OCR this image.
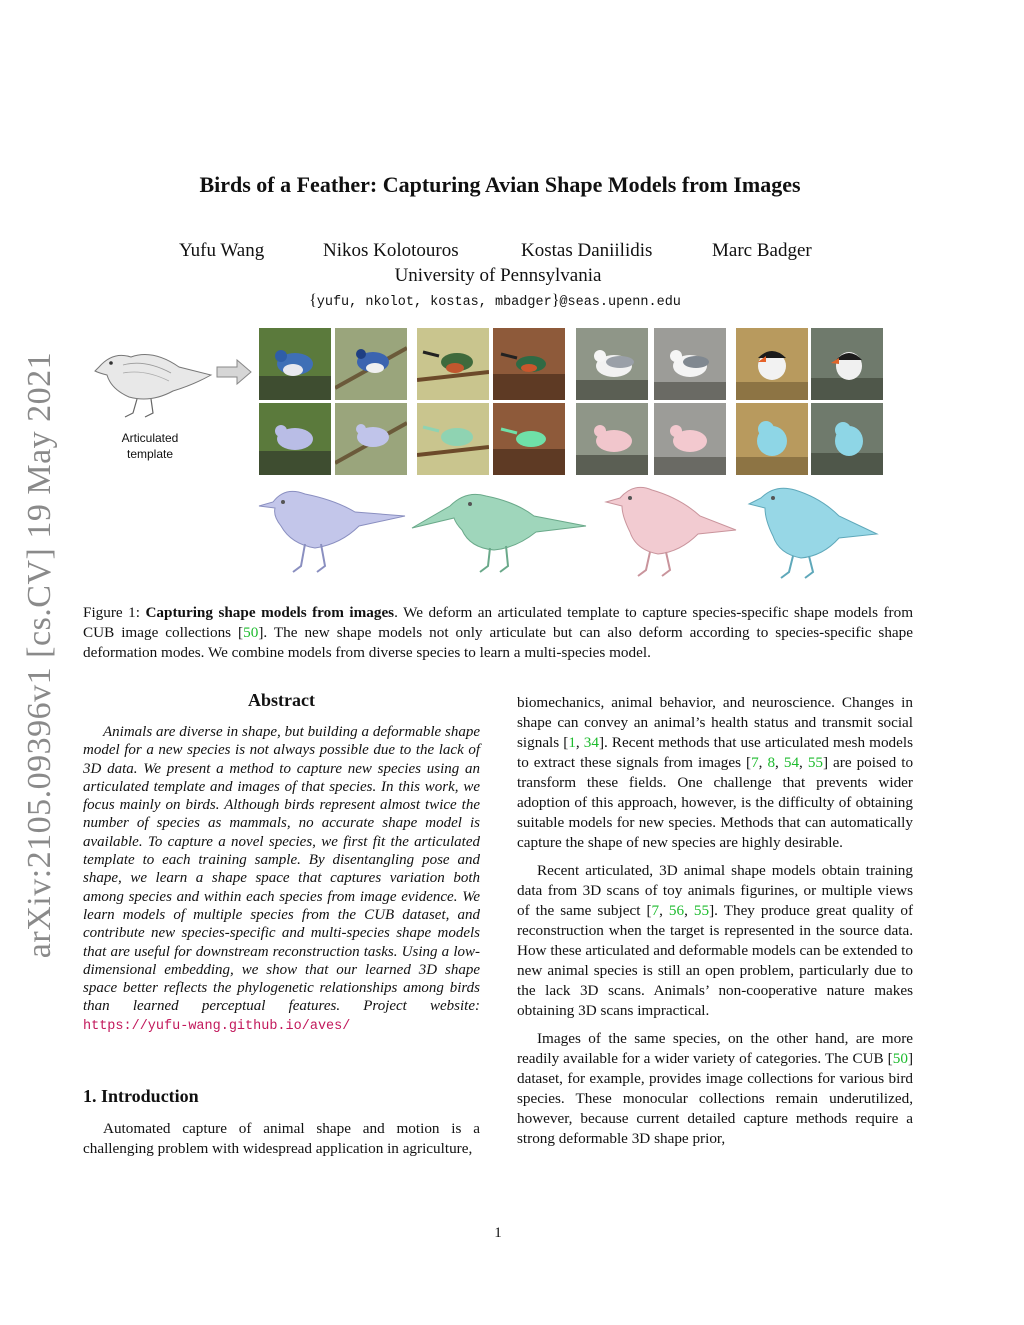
arXiv:2105.09396v1 [cs.CV] 19 May 2021
Birds of a Feather: Capturing Avian Shape Models from Images
Yufu Wang	Nikos Kolotouros	Kostas Daniilidis	Marc Badger
University of Pennsylvania
{yufu, nkolot, kostas, mbadger}@seas.upenn.edu
Articulated
template
Figure 1: Capturing shape models from images. We deform an articulated template to capture species-specific shape models from CUB image collections [50]. The new shape models not only articulate but can also deform according to species-specific shape deformation modes. We combine models from diverse species to learn a multi-species model.
Abstract

Animals are diverse in shape, but building a deformable shape model for a new species is not always possible due to the lack of 3D data. We present a method to capture new species using an articulated template and images of that species. In this work, we focus mainly on birds. Although birds represent almost twice the number of species as mammals, no accurate shape model is available. To capture a novel species, we first fit the articulated template to each training sample. By disentangling pose and shape, we learn a shape space that captures variation both among species and within each species from image evidence. We learn models of multiple species from the CUB dataset, and contribute new species-specific and multi-species shape models that are useful for downstream reconstruction tasks. Using a low-dimensional embedding, we show that our learned 3D shape space better reflects the phylogenetic relationships among birds than learned perceptual features. Project website: https://yufu-wang.github.io/aves/

1. Introduction

Automated capture of animal shape and motion is a challenging problem with widespread application in agriculture,

biomechanics, animal behavior, and neuroscience. Changes in shape can convey an animal’s health status and transmit social signals [1, 34]. Recent methods that use articulated mesh models to extract these signals from images [7, 8, 54, 55] are poised to transform these fields. One challenge that prevents wider adoption of this approach, however, is the difficulty of obtaining suitable models for new species. Methods that can automatically capture the shape of new species are highly desirable.

Recent articulated, 3D animal shape models obtain training data from 3D scans of toy animals figurines, or multiple views of the same subject [7, 56, 55]. They produce great quality of reconstruction when the target is represented in the source data. How these articulated and deformable models can be extended to new animal species is still an open problem, particularly due to the lack 3D scans. Animals’ non-cooperative nature makes obtaining 3D scans impractical.

Images of the same species, on the other hand, are more readily available for a wider variety of categories. The CUB [50] dataset, for example, provides image collections for various bird species. These monocular collections remain underutilized, however, because current detailed capture methods require a strong deformable 3D shape prior,

1
